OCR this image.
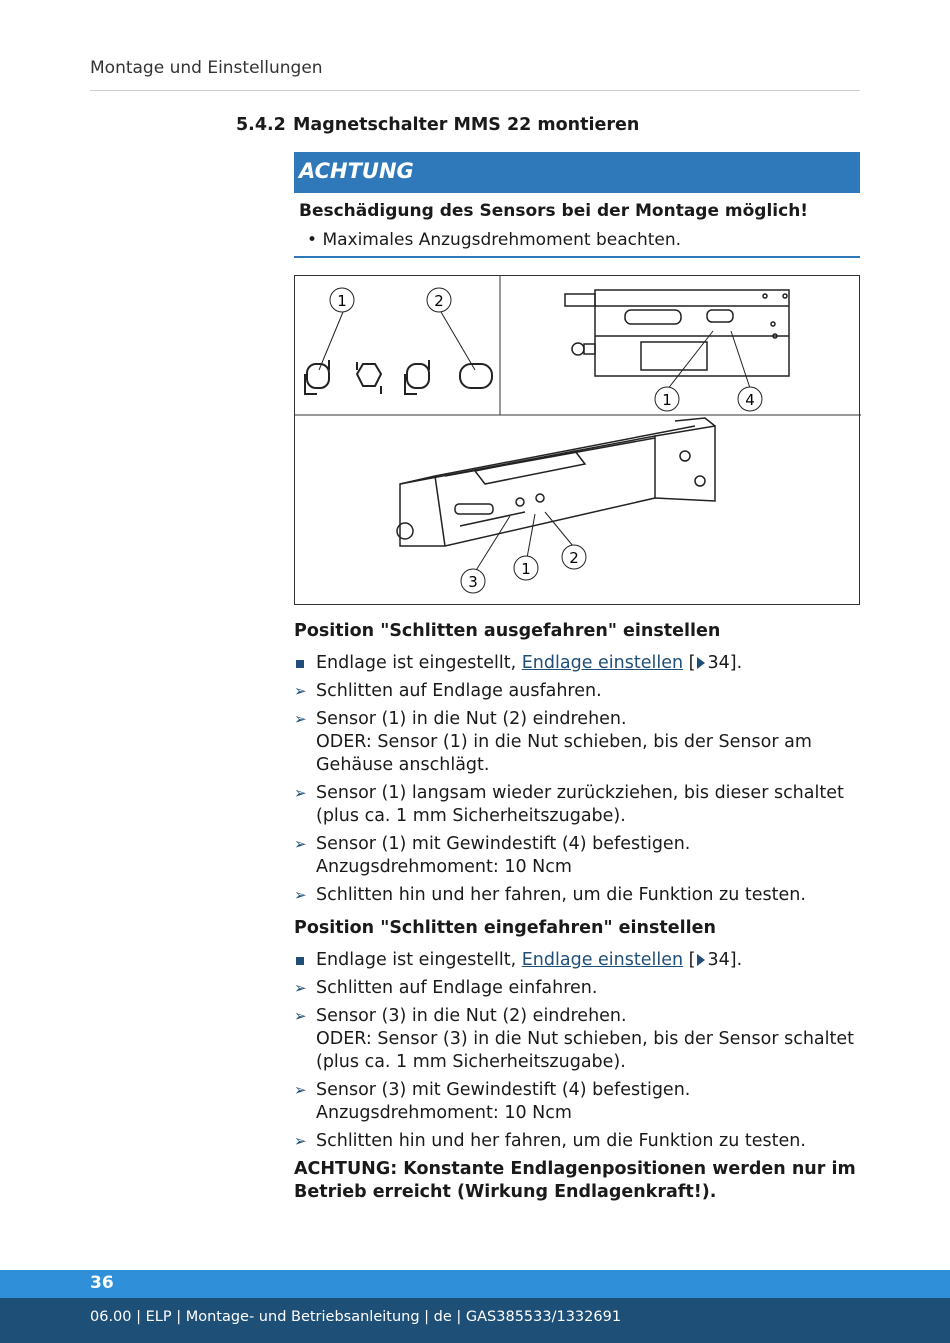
Montage und Einstellungen
5.4.2 Magnetschalter MMS 22 montieren
ACHTUNG
Beschädigung des Sensors bei der Montage möglich!
• Maximales Anzugsdrehmoment beachten.
1	2
1	4
3
1
2
Position "Schlitten ausgefahren" einstellen
Endlage ist eingestellt, Endlage einstellen [ 34].
➢ Schlitten auf Endlage ausfahren.
➢ Sensor (1) in die Nut (2) eindrehen.
ODER: Sensor (1) in die Nut schieben, bis der Sensor am Gehäuse anschlägt.
➢ Sensor (1) langsam wieder zurückziehen, bis dieser schaltet (plus ca. 1 mm Sicherheitszugabe).
➢ Sensor (1) mit Gewindestift (4) befestigen.
Anzugsdrehmoment: 10 Ncm
➢ Schlitten hin und her fahren, um die Funktion zu testen.
Position "Schlitten eingefahren" einstellen
Endlage ist eingestellt, Endlage einstellen [ 34].
➢ Schlitten auf Endlage einfahren.
➢ Sensor (3) in die Nut (2) eindrehen.
ODER: Sensor (3) in die Nut schieben, bis der Sensor schaltet (plus ca. 1 mm Sicherheitszugabe).
➢ Sensor (3) mit Gewindestift (4) befestigen.
Anzugsdrehmoment: 10 Ncm
➢ Schlitten hin und her fahren, um die Funktion zu testen.
ACHTUNG: Konstante Endlagenpositionen werden nur im Betrieb erreicht (Wirkung Endlagenkraft!).
36
06.00 | ELP | Montage- und Betriebsanleitung | de | GAS385533/1332691
